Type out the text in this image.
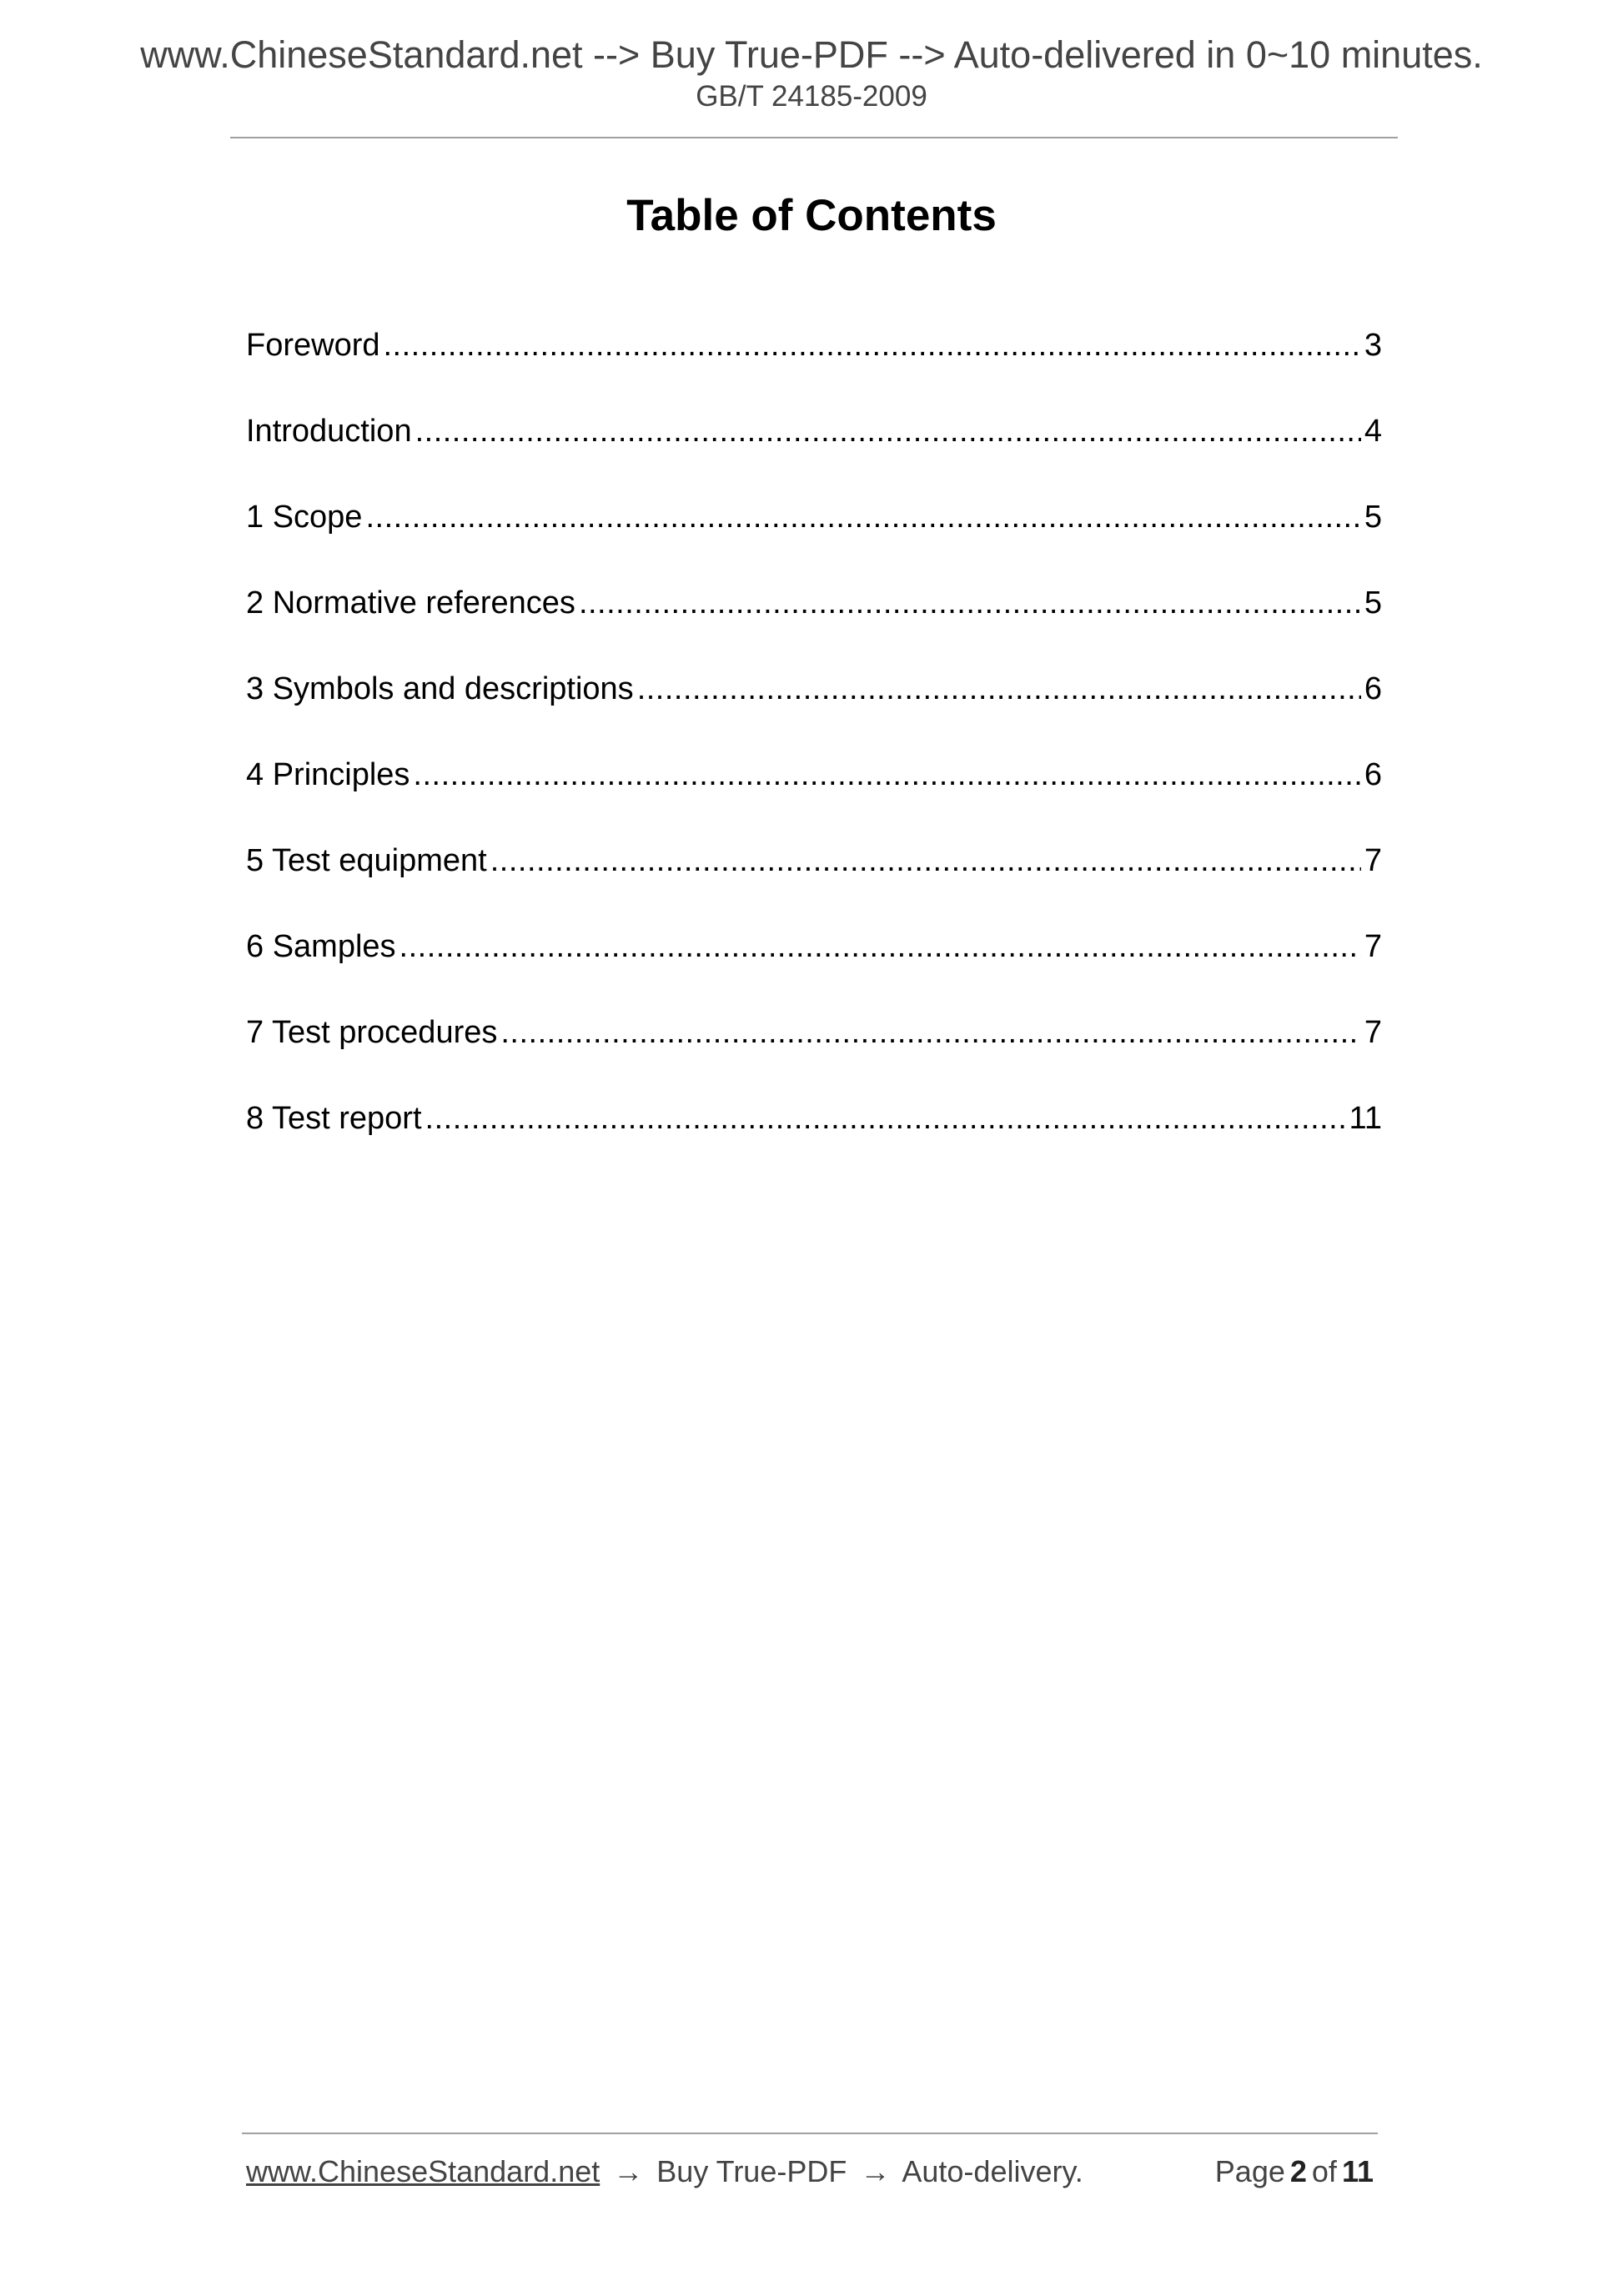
www.ChineseStandard.net --> Buy True-PDF --> Auto-delivered in 0~10 minutes.
GB/T 24185-2009
Table of Contents
Foreword .....	3
Introduction .....	4
1 Scope .....	5
2 Normative references .....	5
3 Symbols and descriptions .....	6
4 Principles .....	6
5 Test equipment .....	7
6 Samples .....	7
7 Test procedures .....	7
8 Test report .....	11
www.ChineseStandard.net → Buy True-PDF → Auto-delivery.	Page 2 of 11
